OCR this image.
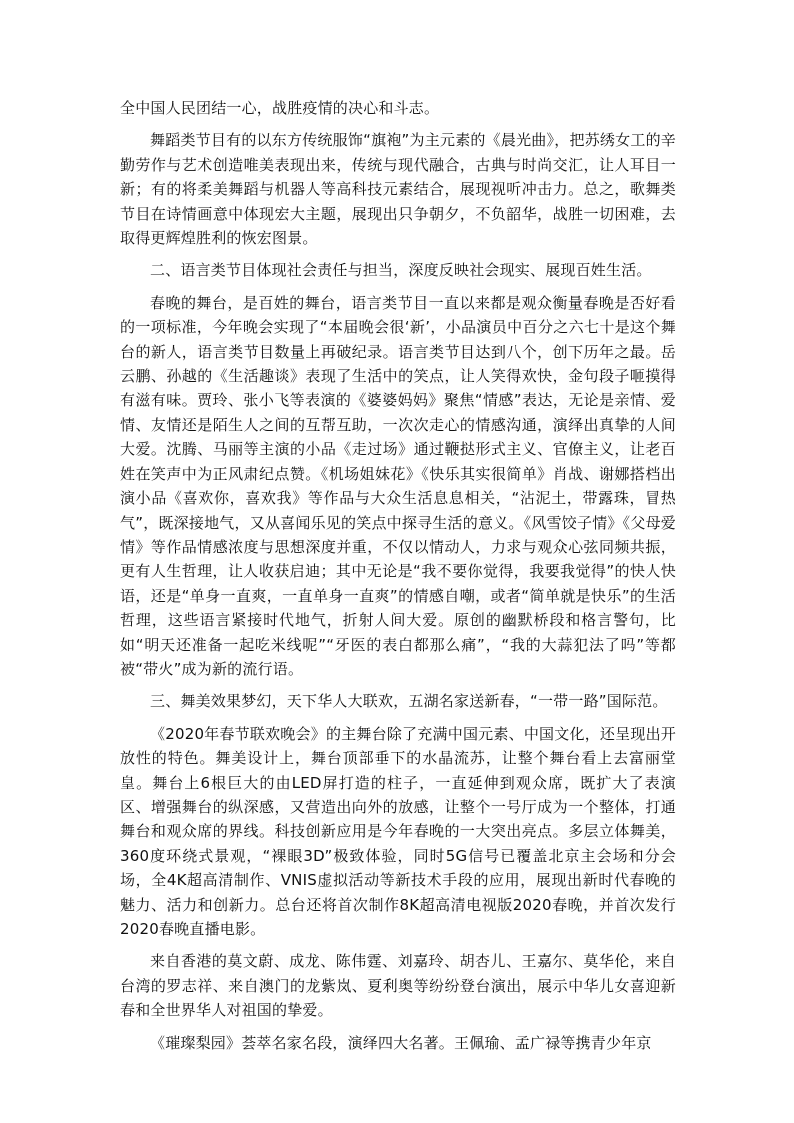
全中国人民团结一心，战胜疫情的决心和斗志。

舞蹈类节目有的以东方传统服饰“旗袍”为主元素的《晨光曲》，把苏绣女工的辛勤劳作与艺术创造唯美表现出来，传统与现代融合，古典与时尚交汇，让人耳目一新；有的将柔美舞蹈与机器人等高科技元素结合，展现视听冲击力。总之，歌舞类节目在诗情画意中体现宏大主题，展现出只争朝夕，不负韶华，战胜一切困难，去取得更辉煌胜利的恢宏图景。

二、语言类节目体现社会责任与担当，深度反映社会现实、展现百姓生活。

春晚的舞台，是百姓的舞台，语言类节目一直以来都是观众衡量春晚是否好看的一项标准，今年晚会实现了“本届晚会很‘新’，小品演员中百分之六七十是这个舞台的新人，语言类节目数量上再破纪录。语言类节目达到八个，创下历年之最。岳云鹏、孙越的《生活趣谈》表现了生活中的笑点，让人笑得欢快，金句段子咂摸得有滋有味。贾玲、张小飞等表演的《婆婆妈妈》聚焦“情感”表达，无论是亲情、爱情、友情还是陌生人之间的互帮互助，一次次走心的情感沟通，演绎出真挚的人间大爱。沈腾、马丽等主演的小品《走过场》通过鞭挞形式主义、官僚主义，让老百姓在笑声中为正风肃纪点赞。《机场姐妹花》《快乐其实很简单》肖战、谢娜搭档出演小品《喜欢你，喜欢我》等作品与大众生活息息相关，“沾泥土，带露珠，冒热气”，既深接地气，又从喜闻乐见的笑点中探寻生活的意义。《风雪饺子情》《父母爱情》等作品情感浓度与思想深度并重，不仅以情动人，力求与观众心弦同频共振，更有人生哲理，让人收获启迪；其中无论是“我不要你觉得，我要我觉得”的快人快语，还是“单身一直爽，一直单身一直爽”的情感自嘲，或者“简单就是快乐”的生活哲理，这些语言紧接时代地气，折射人间大爱。原创的幽默桥段和格言警句，比如“明天还准备一起吃米线呢”“牙医的表白都那么痛”，“我的大蒜犯法了吗”等都被“带火”成为新的流行语。

三、舞美效果梦幻，天下华人大联欢，五湖名家送新春，“一带一路”国际范。

《2020年春节联欢晚会》的主舞台除了充满中国元素、中国文化，还呈现出开放性的特色。舞美设计上，舞台顶部垂下的水晶流苏，让整个舞台看上去富丽堂皇。舞台上6根巨大的由LED屏打造的柱子，一直延伸到观众席，既扩大了表演区、增强舞台的纵深感，又营造出向外的放感，让整个一号厅成为一个整体，打通舞台和观众席的界线。科技创新应用是今年春晚的一大突出亮点。多层立体舞美，360度环绕式景观，“裸眼3D”极致体验，同时5G信号已覆盖北京主会场和分会场，全4K超高清制作、VNIS虚拟活动等新技术手段的应用，展现出新时代春晚的魅力、活力和创新力。总台还将首次制作8K超高清电视版2020春晚，并首次发行2020春晚直播电影。

来自香港的莫文蔚、成龙、陈伟霆、刘嘉玲、胡杏儿、王嘉尔、莫华伦，来自台湾的罗志祥、来自澳门的龙紫岚、夏利奥等纷纷登台演出，展示中华儿女喜迎新春和全世界华人对祖国的挚爱。

《璀璨梨园》荟萃名家名段，演绎四大名著。王佩瑜、孟广禄等携青少年京
